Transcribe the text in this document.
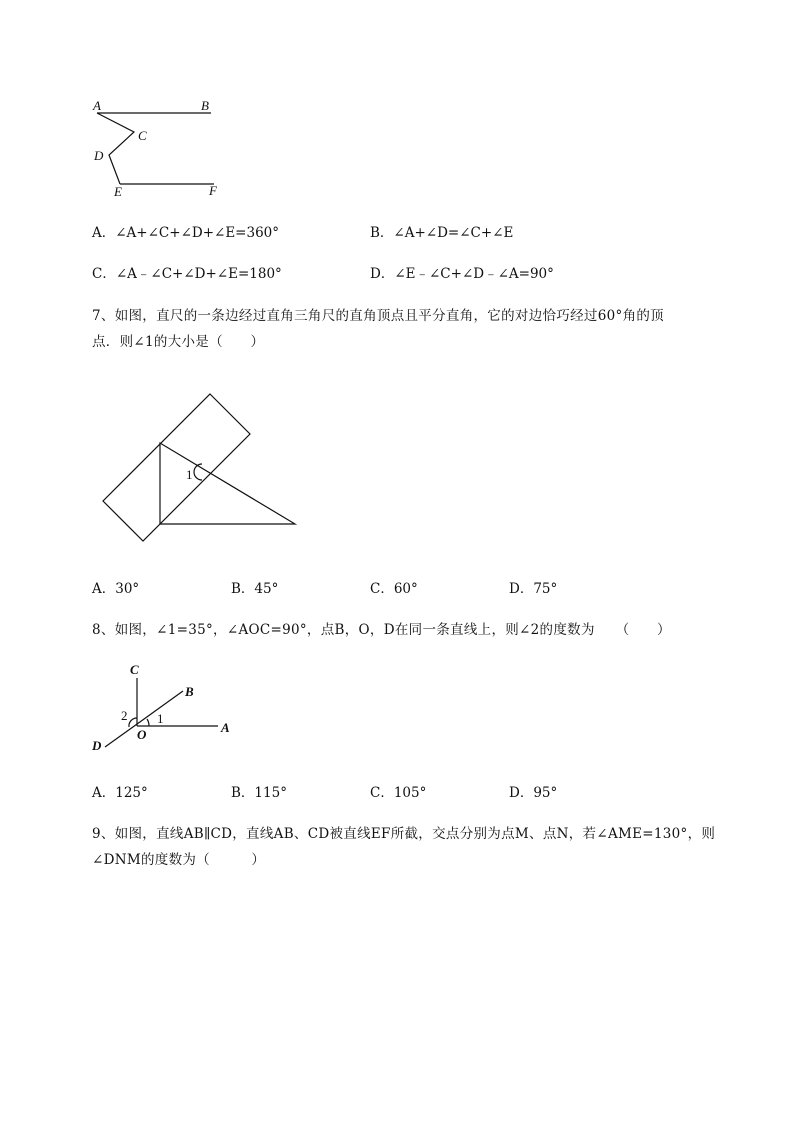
A	B
C
D
E	F
A．∠A+∠C+∠D+∠E=360°	B．∠A+∠D=∠C+∠E
C．∠A﹣∠C+∠D+∠E=180°	D．∠E﹣∠C+∠D﹣∠A=90°
7、如图，直尺的一条边经过直角三角尺的直角顶点且平分直角，它的对边恰巧经过60°角的顶
点．则∠1的大小是（　　）
1
A．30°	B．45°	C．60°	D．75°
8、如图，∠1=35°，∠AOC=90°，点B，O，D在同一条直线上，则∠2的度数为　　（　　）
C
B
A
D
O
1
2
A．125°	B．115°	C．105°	D．95°
9、如图，直线AB∥CD，直线AB、CD被直线EF所截，交点分别为点M、点N，若∠AME=130°，则
∠DNM的度数为（　　　）
